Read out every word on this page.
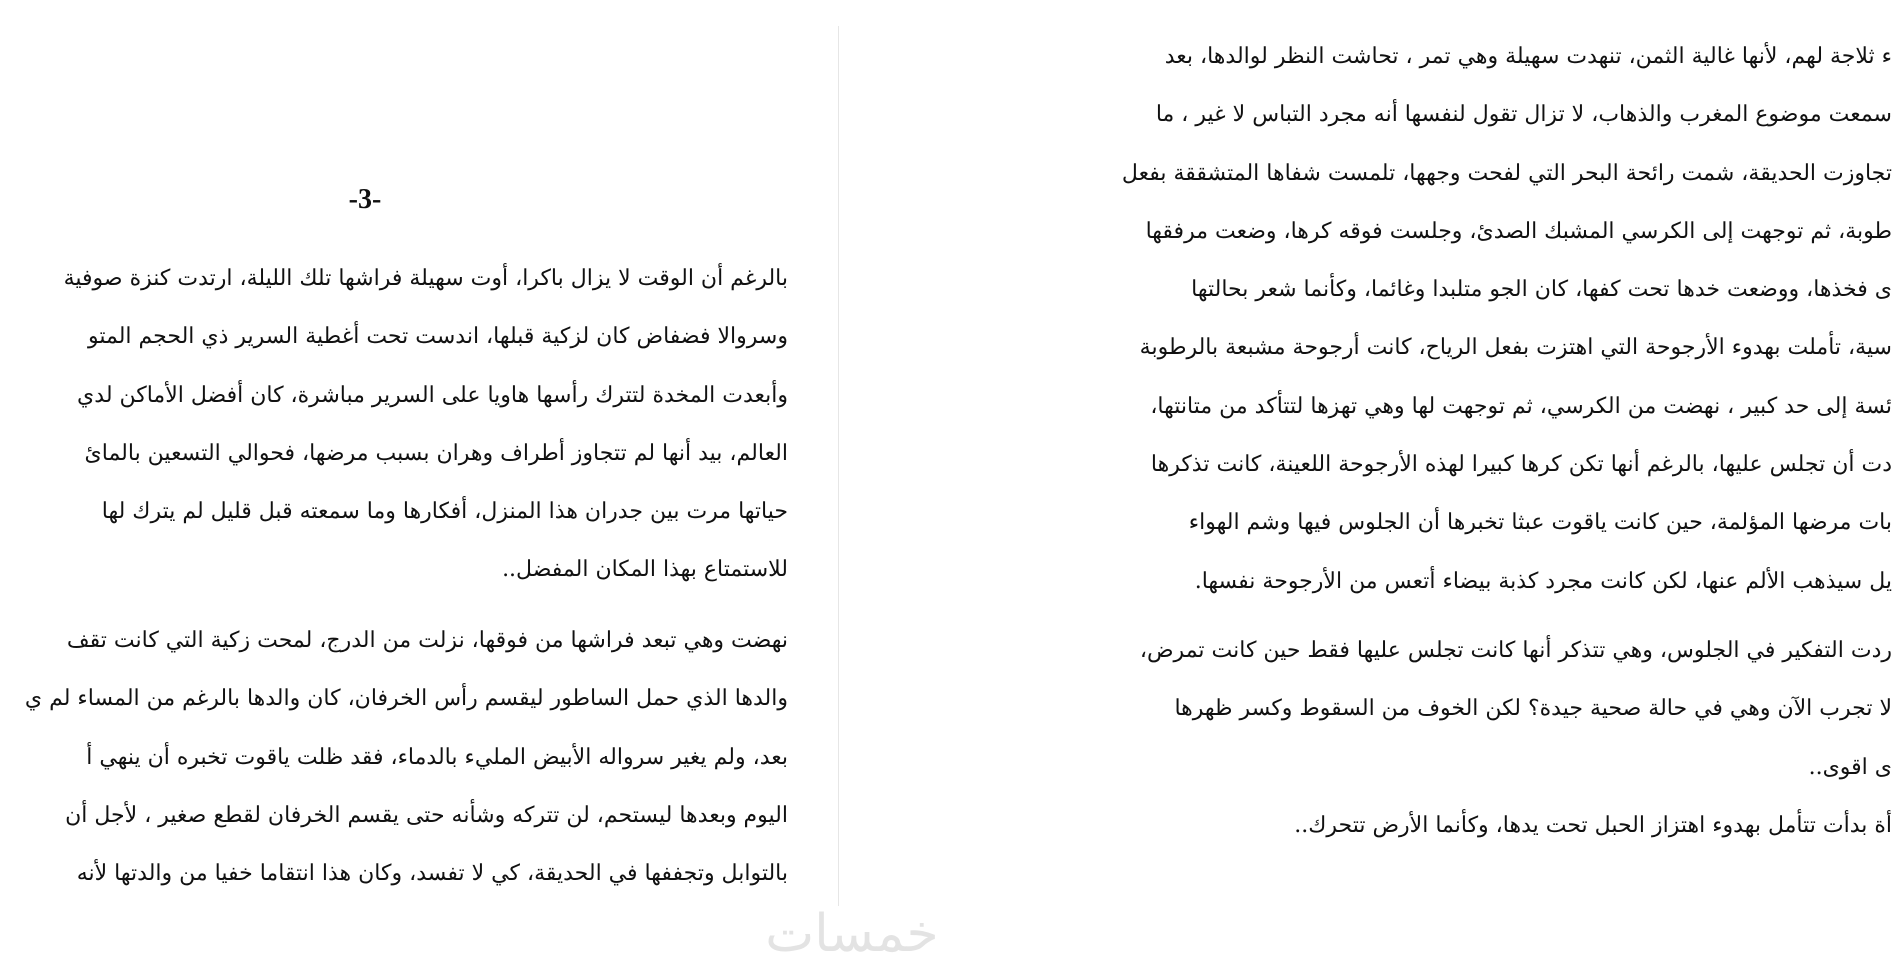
-3-
بالرغم أن الوقت لا يزال باكرا، أوت سهيلة فراشها تلك الليلة، ارتدت كنزة صوفية
وسروالا فضفاض كان لزكية قبلها، اندست تحت أغطية السرير ذي الحجم المتو
وأبعدت المخدة لتترك رأسها هاويا على السرير مباشرة، كان أفضل الأماكن لدي
العالم، بيد أنها لم تتجاوز أطراف وهران بسبب مرضها، فحوالي التسعين بالمائ
حياتها مرت بين جدران هذا المنزل، أفكارها وما سمعته قبل قليل لم يترك لها
للاستمتاع بهذا المكان المفضل..
نهضت وهي تبعد فراشها من فوقها، نزلت من الدرج، لمحت زكية التي كانت تقف
والدها الذي حمل الساطور ليقسم رأس الخرفان، كان والدها بالرغم من المساء لم ي
بعد، ولم يغير سرواله الأبيض المليء بالدماء، فقد ظلت ياقوت تخبره أن ينهي أ
اليوم وبعدها ليستحم، لن تتركه وشأنه حتى يقسم الخرفان لقطع صغير ، لأجل أن
بالتوابل وتجففها في الحديقة، كي لا تفسد، وكان هذا انتقاما خفيا من والدتها لأنه
ء ثلاجة لهم، لأنها غالية الثمن، تنهدت سهيلة وهي تمر ، تحاشت النظر لوالدها، بعد
سمعت موضوع المغرب والذهاب، لا تزال تقول لنفسها أنه مجرد التباس لا غير ، ما
تجاوزت الحديقة، شمت رائحة البحر التي لفحت وجهها، تلمست شفاها المتشققة بفعل
طوبة، ثم توجهت إلى الكرسي المشبك الصدئ، وجلست فوقه كرها، وضعت مرفقها
ى فخذها، ووضعت خدها تحت كفها، كان الجو متلبدا وغائما، وكأنما شعر بحالتها
سية، تأملت بهدوء الأرجوحة التي اهتزت بفعل الرياح، كانت أرجوحة مشبعة بالرطوبة
ئسة إلى حد كبير ، نهضت من الكرسي، ثم توجهت لها وهي تهزها لتتأكد من متانتها،
دت أن تجلس عليها، بالرغم أنها تكن كرها كبيرا لهذه الأرجوحة اللعينة، كانت تذكرها
بات مرضها المؤلمة، حين كانت ياقوت عبثا تخبرها أن الجلوس فيها وشم الهواء
يل سيذهب الألم عنها، لكن كانت مجرد كذبة بيضاء أتعس من الأرجوحة نفسها.
ردت التفكير في الجلوس، وهي تتذكر أنها كانت تجلس عليها فقط حين كانت تمرض،
لا تجرب الآن وهي في حالة صحية جيدة؟ لكن الخوف من السقوط وكسر ظهرها
ى اقوى..
أة بدأت تتأمل بهدوء اهتزاز الحبل تحت يدها، وكأنما الأرض تتحرك..
خمسات
